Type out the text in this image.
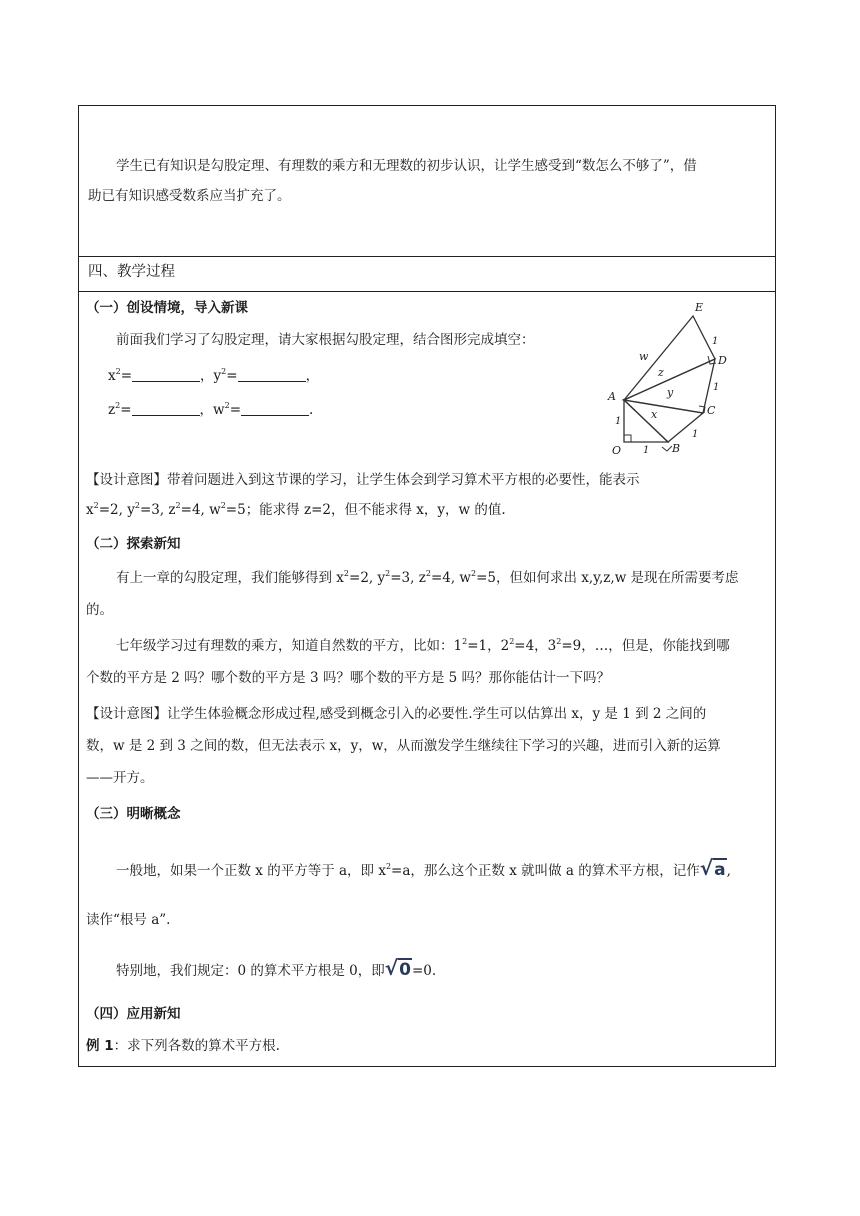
学生已有知识是勾股定理、有理数的乘方和无理数的初步认识，让学生感受到“数怎么不够了”，借
助已有知识感受数系应当扩充了。
四、教学过程
（一）创设情境，导入新课
前面我们学习了勾股定理，请大家根据勾股定理，结合图形完成填空：
$x^2=$	，$y^2=$	，
$z^2=$	，$w^2=$	.
E
D
C
B
A
O
w
z
y
x
1
1
1
1
1
【设计意图】带着问题进入到这节课的学习，让学生体会到学习算术平方根的必要性，能表示
$x^2=2$, $y^2=3$, $z^2=4$, $w^2=5$；能求得 z=2，但不能求得 x，y，w 的值.
（二）探索新知
有上一章的勾股定理，我们能够得到 $x^2=2$, $y^2=3$, $z^2=4$, $w^2=5$，但如何求出 x,y,z,w 是现在所需要考虑
的。
七年级学习过有理数的乘方，知道自然数的平方，比如：$1^2=1$，$2^2=4$，$3^2=9$，…，但是，你能找到哪
个数的平方是 2 吗？哪个数的平方是 3 吗？哪个数的平方是 5 吗？那你能估计一下吗？
【设计意图】让学生体验概念形成过程,感受到概念引入的必要性.学生可以估算出 x，y 是 1 到 2 之间的
数，w 是 2 到 3 之间的数，但无法表示 x，y，w，从而激发学生继续往下学习的兴趣，进而引入新的运算
——开方。
（三）明晰概念
一般地，如果一个正数 x 的平方等于 a，即 $x^2=a$，那么这个正数 x 就叫做 a 的算术平方根，记作√a,
读作“根号 a”.
特别地，我们规定：0 的算术平方根是 0，即√0=0.
（四）应用新知
例 1：求下列各数的算术平方根.
